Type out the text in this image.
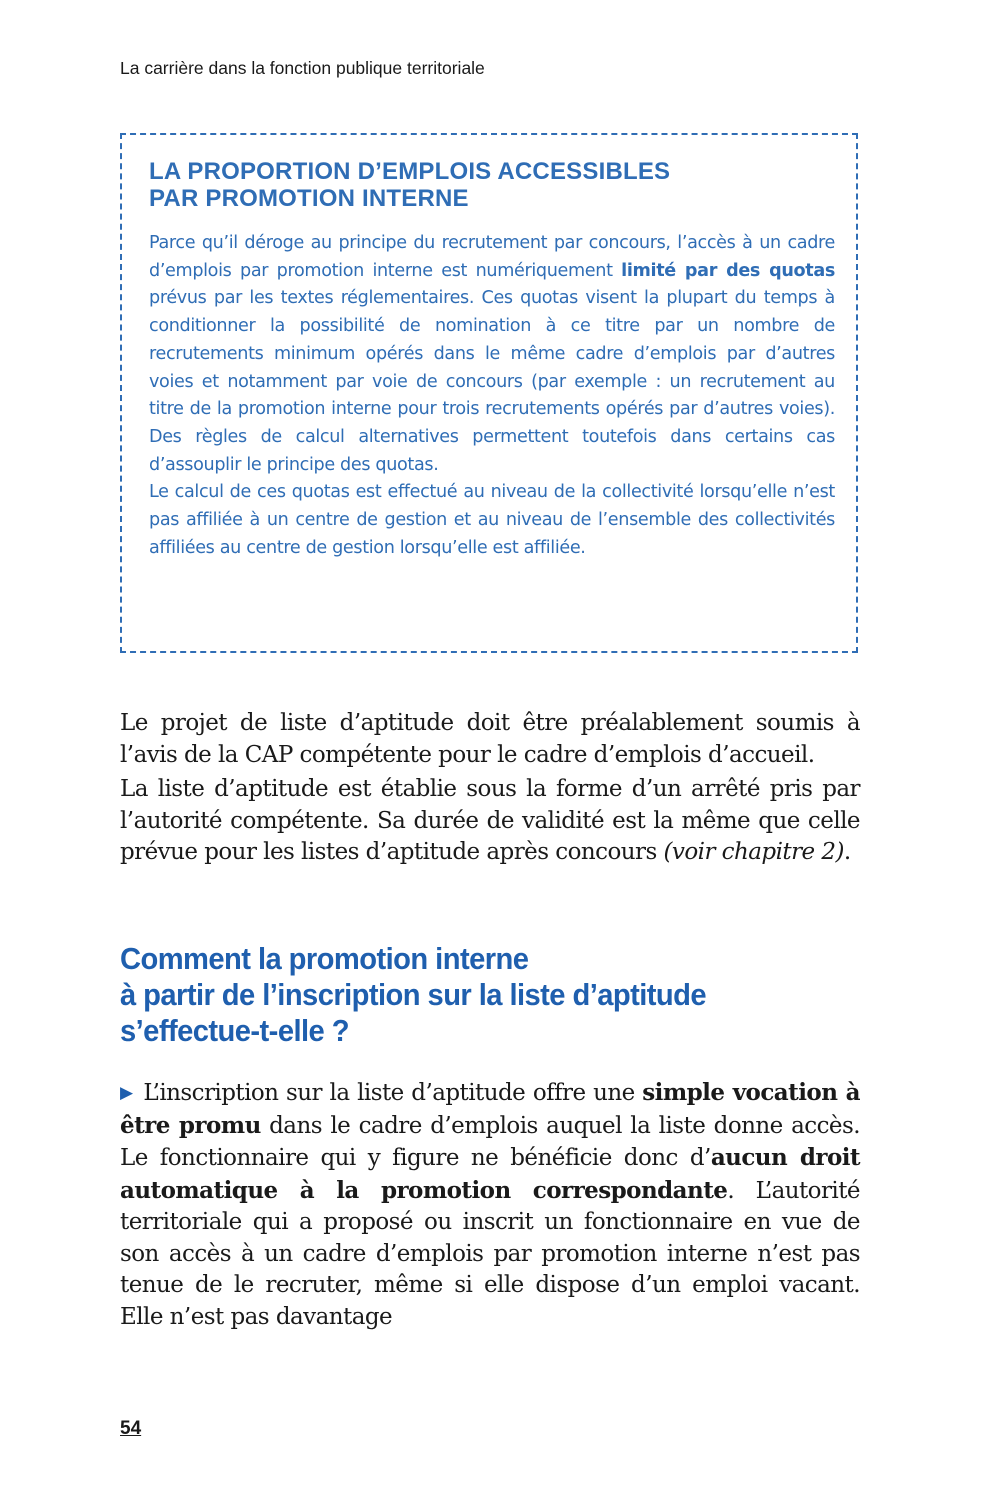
La carrière dans la fonction publique territoriale
LA PROPORTION D’EMPLOIS ACCESSIBLES
PAR PROMOTION INTERNE

Parce qu’il déroge au principe du recrutement par concours, l’accès à un cadre d’emplois par promotion interne est numériquement limité par des quotas prévus par les textes réglementaires. Ces quotas visent la plupart du temps à conditionner la possibilité de nomination à ce titre par un nombre de recrutements minimum opérés dans le même cadre d’emplois par d’autres voies et notamment par voie de concours (par exemple : un recrutement au titre de la promotion interne pour trois recrutements opérés par d’autres voies). Des règles de calcul alternatives permettent toutefois dans certains cas d’assouplir le principe des quotas.

Le calcul de ces quotas est effectué au niveau de la collectivité lorsqu’elle n’est pas affiliée à un centre de gestion et au niveau de l’ensemble des collectivités affiliées au centre de gestion lorsqu’elle est affiliée.

Le projet de liste d’aptitude doit être préalablement soumis à l’avis de la CAP compétente pour le cadre d’emplois d’accueil.

La liste d’aptitude est établie sous la forme d’un arrêté pris par l’autorité compétente. Sa durée de validité est la même que celle prévue pour les listes d’aptitude après concours (voir chapitre 2).

Comment la promotion interne
à partir de l’inscription sur la liste d’aptitude
s’effectue-t-elle ?

▶ L’inscription sur la liste d’aptitude offre une simple vocation à être promu dans le cadre d’emplois auquel la liste donne accès. Le fonctionnaire qui y figure ne bénéficie donc d’aucun droit automatique à la promotion correspondante. L’autorité territoriale qui a proposé ou inscrit un fonctionnaire en vue de son accès à un cadre d’emplois par promotion interne n’est pas tenue de le recruter, même si elle dispose d’un emploi vacant. Elle n’est pas davantage

54
